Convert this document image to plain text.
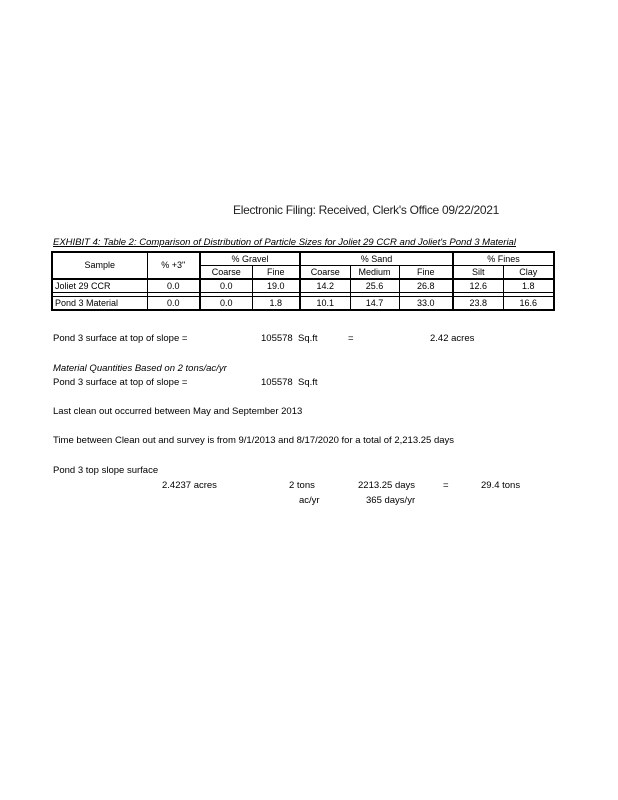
Electronic Filing: Received, Clerk's Office 09/22/2021
EXHIBIT 4: Table 2: Comparison of Distribution of Particle Sizes for Joliet 29 CCR and Joliet's Pond 3 Material
Sample	% +3"	% Gravel		% Sand			% Fines	
		Coarse	Fine	Coarse	Medium	Fine	Silt	Clay
Joliet 29 CCR	0.0	0.0	19.0	14.2	25.6	26.8	12.6	1.8

Pond 3 Material	0.0	0.0	1.8	10.1	14.7	33.0	23.8	16.6
Pond 3 surface at top of slope =	105578 Sq.ft	=	2.42 acres
Material Quantities Based on 2 tons/ac/yr
Pond 3 surface at top of slope =	105578 Sq.ft
Last clean out occurred between May and September 2013
Time between Clean out and survey is from 9/1/2013 and 8/17/2020 for a total of 2,213.25 days
Pond 3 top slope surface
2.4237 acres	2 tons
ac/yr
2213.25 days
365 days/yr
=	29.4 tons
